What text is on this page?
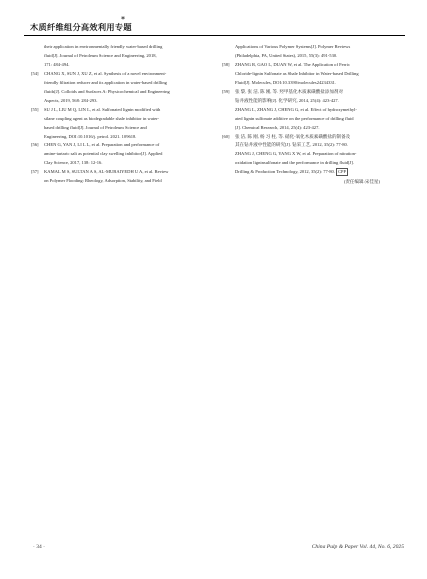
木质纤维组分高效利用专题
*
their application in environmentally friendly water-based drilling
fluid[J]. Journal of Petroleum Science and Engineering, 2018,
171: 484-494.
[54] CHANG X, SUN J, XU Z, et al. Synthesis of a novel environment-
friendly filtration reducer and its application in water-based drilling
fluids[J]. Colloids and Surfaces A: Physicochemical and Engineering
Aspects, 2019, 568: 284-293.
[55] SU J L, LIU M Q, LIN L, et al. Sulfonated lignin modified with
silane coupling agent as biodegradable shale inhibitor in water-
based drilling fluid[J]. Journal of Petroleum Science and
Engineering, DOI:10.1016/j. petrol. 2021. 109618.
[56] CHEN G, YAN J, LI L L, et al. Preparation and performance of
amine-tartaric salt as potential clay swelling inhibitor[J]. Applied
Clay Science, 2017, 138: 12-16.
[57] KAMAL M S, SULTAN A S, AL-MUBAIYEDH U A, et al. Review
on Polymer Flooding: Rheology, Adsorption, Stability, and Field
Applications of Various Polymer Systems[J]. Polymer Reviews
(Philadelphia, PA, United States), 2015, 55(3): 491-530.
[58] ZHANG R, GAO L, DUAN W, et al. The Application of Ferric
Chloride-lignin Sulfonate as Shale Inhibitor in Water-based Drilling
Fluid[J]. Molecules, DOI:10.3390/molecules24234331.
[59] 张 黎, 张 洁, 陈 刚, 等. 羟甲基化木质素磺酸盐添加剂对
钻井液性能的影响[J]. 化学研究, 2014, 25(4): 423-427.
ZHANG L, ZHANG J, CHENG G, et al. Effect of hydroxymethyl-
ated lignin sulfonate additive on the performance of drilling fluid
[J]. Chemical Research, 2014, 25(4): 423-427.
[60] 张 洁, 陈 刚, 杨 习 柱, 等. 硝化-氧化木质素磺酸盐的制备及
其在钻井液中性能的研究[J]. 钻采工艺, 2012, 35(2): 77-80.
ZHANG J, CHENG G, YANG X W, et al. Preparation of nitration-
oxidation ligninsulfonate and the performance in drilling fluid[J].
Drilling & Production Technology, 2012, 35(2): 77-80. CPP
(责任编辑:宋佳星)
· 34 ·	China Pulp & Paper Vol. 44, No. 6, 2025
